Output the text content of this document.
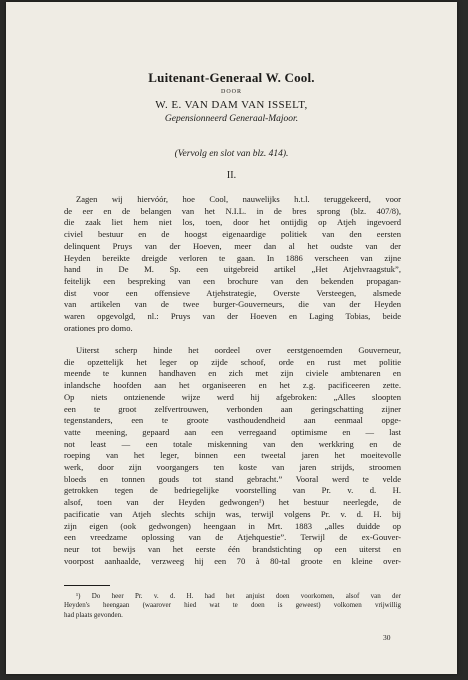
Luitenant-Generaal W. Cool.
DOOR
W. E. VAN DAM VAN ISSELT,
Gepensionneerd Generaal-Majoor.
(Vervolg en slot van blz. 414).
II.
Zagen wij hiervóór, hoe Cool, nauwelijks h.t.l. teruggekeerd, voor
de eer en de belangen van het N.I.L. in de bres sprong (blz. 407/8),
die zaak liet hem niet los, toen, door het ontijdig op Atjeh ingevoerd
civiel bestuur en de hoogst eigenaardige politiek van den eersten
delinquent Pruys van der Hoeven, meer dan al het oudste van der
Heyden bereikte dreigde verloren te gaan. In 1886 verscheen van zijne
hand in De M. Sp. een uitgebreid artikel „Het Atjehvraagstuk”,
feitelijk een bespreking van een brochure van den bekenden propagan-
dist voor een offensieve Atjehstrategie, Overste Versteegen, alsmede
van artikelen van de twee burger-Gouverneurs, die van der Heyden
waren opgevolgd, nl.: Pruys van der Hoeven en Laging Tobias, beide
orationes pro domo.
Uiterst scherp hinde het oordeel over eerstgenoemden Gouverneur,
die opzettelijk het leger op zijde schoof, orde en rust met politie
meende te kunnen handhaven en zich met zijn civiele ambtenaren en
inlandsche hoofden aan het organiseeren en het z.g. pacificeeren zette.
Op niets ontzienende wijze werd hij afgebroken: „Alles sloopten
een te groot zelfvertrouwen, verbonden aan geringschatting zijner
tegenstanders, een te groote vasthoudendheid aan eenmaal opge-
vatte meening, gepaard aan een verregaand optimisme en — last
not least — een totale miskenning van den werkkring en de
roeping van het leger, binnen een tweetal jaren het moeitevolle
werk, door zijn voorgangers ten koste van jaren strijds, stroomen
bloeds en tonnen gouds tot stand gebracht.” Vooral werd te velde
getrokken tegen de bedriegelijke voorstelling van Pr. v. d. H.
alsof, toen van der Heyden gedwongen¹) het bestuur neerlegde, de
pacificatie van Atjeh slechts schijn was, terwijl volgens Pr. v. d. H. bij
zijn eigen (ook gedwongen) heengaan in Mrt. 1883 „alles duidde op
een vreedzame oplossing van de Atjehquestie”. Terwijl de ex-Gouver-
neur tot bewijs van het eerste één brandstichting op een uiterst en
voorpost aanhaalde, verzweeg hij een 70 à 80-tal groote en kleine over-
¹) Do heer Pr. v. d. H. had het anjuist doen voorkomen, alsof van der
Heyden's heengaan (waarover hied wat te doen is geweest) volkomen vrijwillig
had plaats gevonden.
30
